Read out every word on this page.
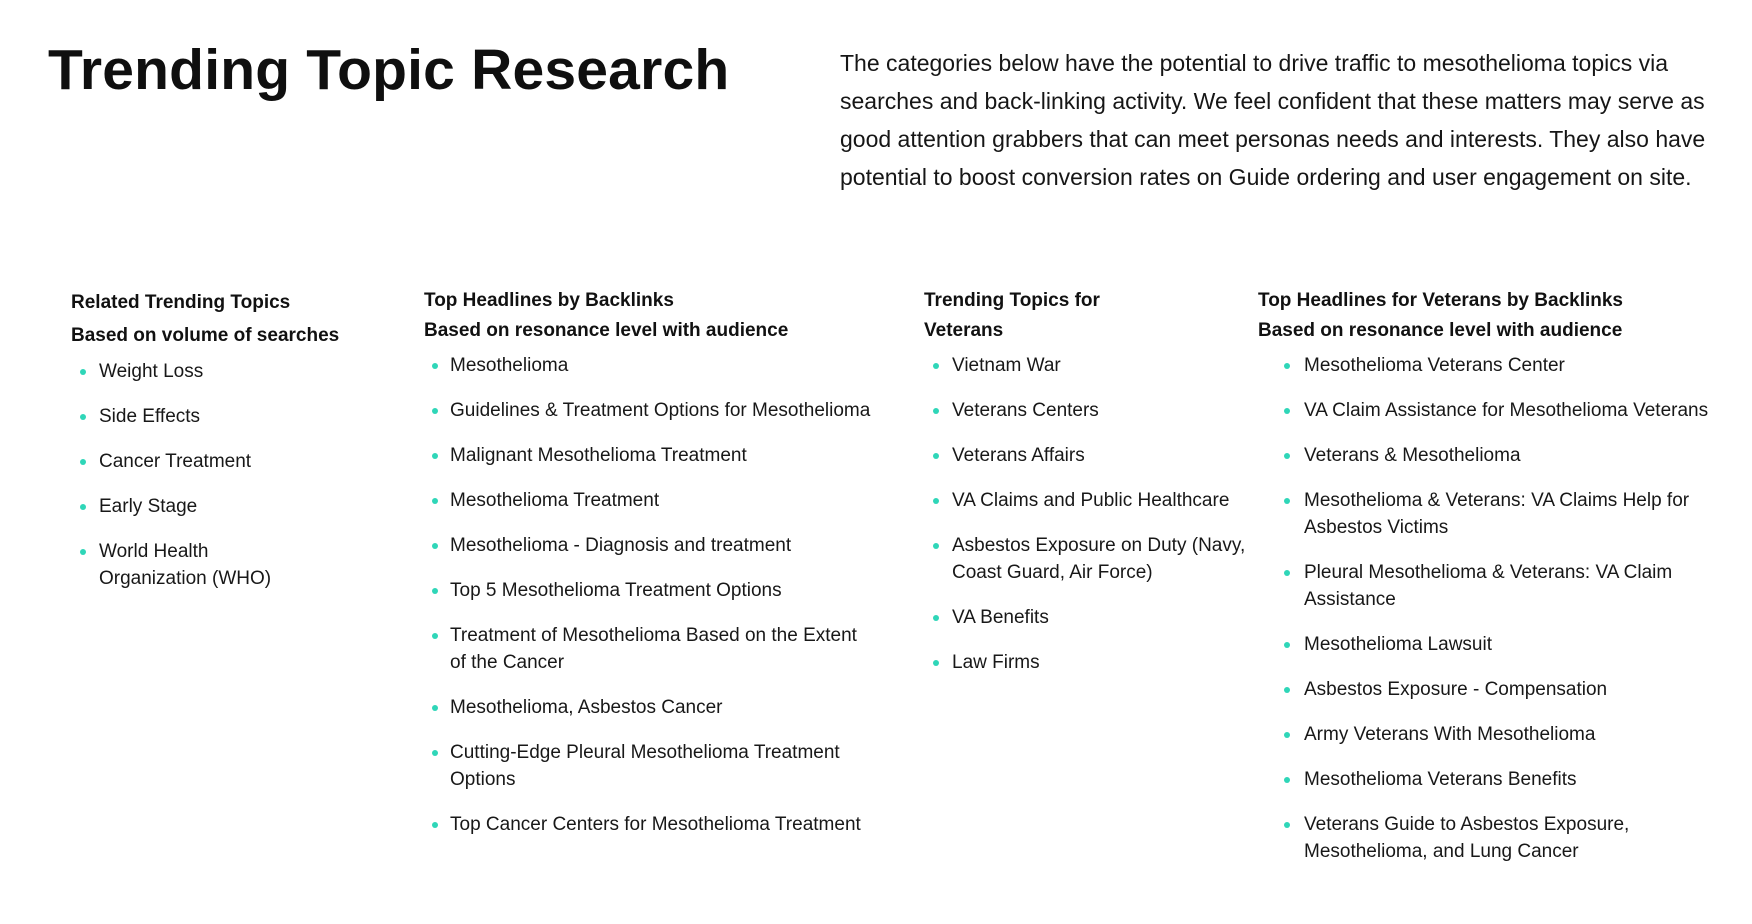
Trending Topic Research	The categories below have the potential to drive traffic to mesothelioma topics via searches and back-linking activity. We feel confident that these matters may serve as good attention grabbers that can meet personas needs and interests. They also have potential to boost conversion rates on Guide ordering and user engagement on site.

Related Trending Topics
Based on volume of searches
Weight Loss
Side Effects
Cancer Treatment
Early Stage
World Health Organization (WHO)
Top Headlines by Backlinks
Based on resonance level with audience
Mesothelioma
Guidelines & Treatment Options for Mesothelioma
Malignant Mesothelioma Treatment
Mesothelioma Treatment
Mesothelioma - Diagnosis and treatment
Top 5 Mesothelioma Treatment Options
Treatment of Mesothelioma Based on the Extent of the Cancer
Mesothelioma, Asbestos Cancer
Cutting-Edge Pleural Mesothelioma Treatment Options
Top Cancer Centers for Mesothelioma Treatment
Trending Topics for
Veterans
Vietnam War
Veterans Centers
Veterans Affairs
VA Claims and Public Healthcare
Asbestos Exposure on Duty (Navy, Coast Guard, Air Force)
VA Benefits
Law Firms
Top Headlines for Veterans by Backlinks
Based on resonance level with audience
Mesothelioma Veterans Center
VA Claim Assistance for Mesothelioma Veterans
Veterans & Mesothelioma
Mesothelioma & Veterans: VA Claims Help for Asbestos Victims
Pleural Mesothelioma & Veterans: VA Claim Assistance
Mesothelioma Lawsuit
Asbestos Exposure - Compensation
Army Veterans With Mesothelioma
Mesothelioma Veterans Benefits
Veterans Guide to Asbestos Exposure, Mesothelioma, and Lung Cancer
